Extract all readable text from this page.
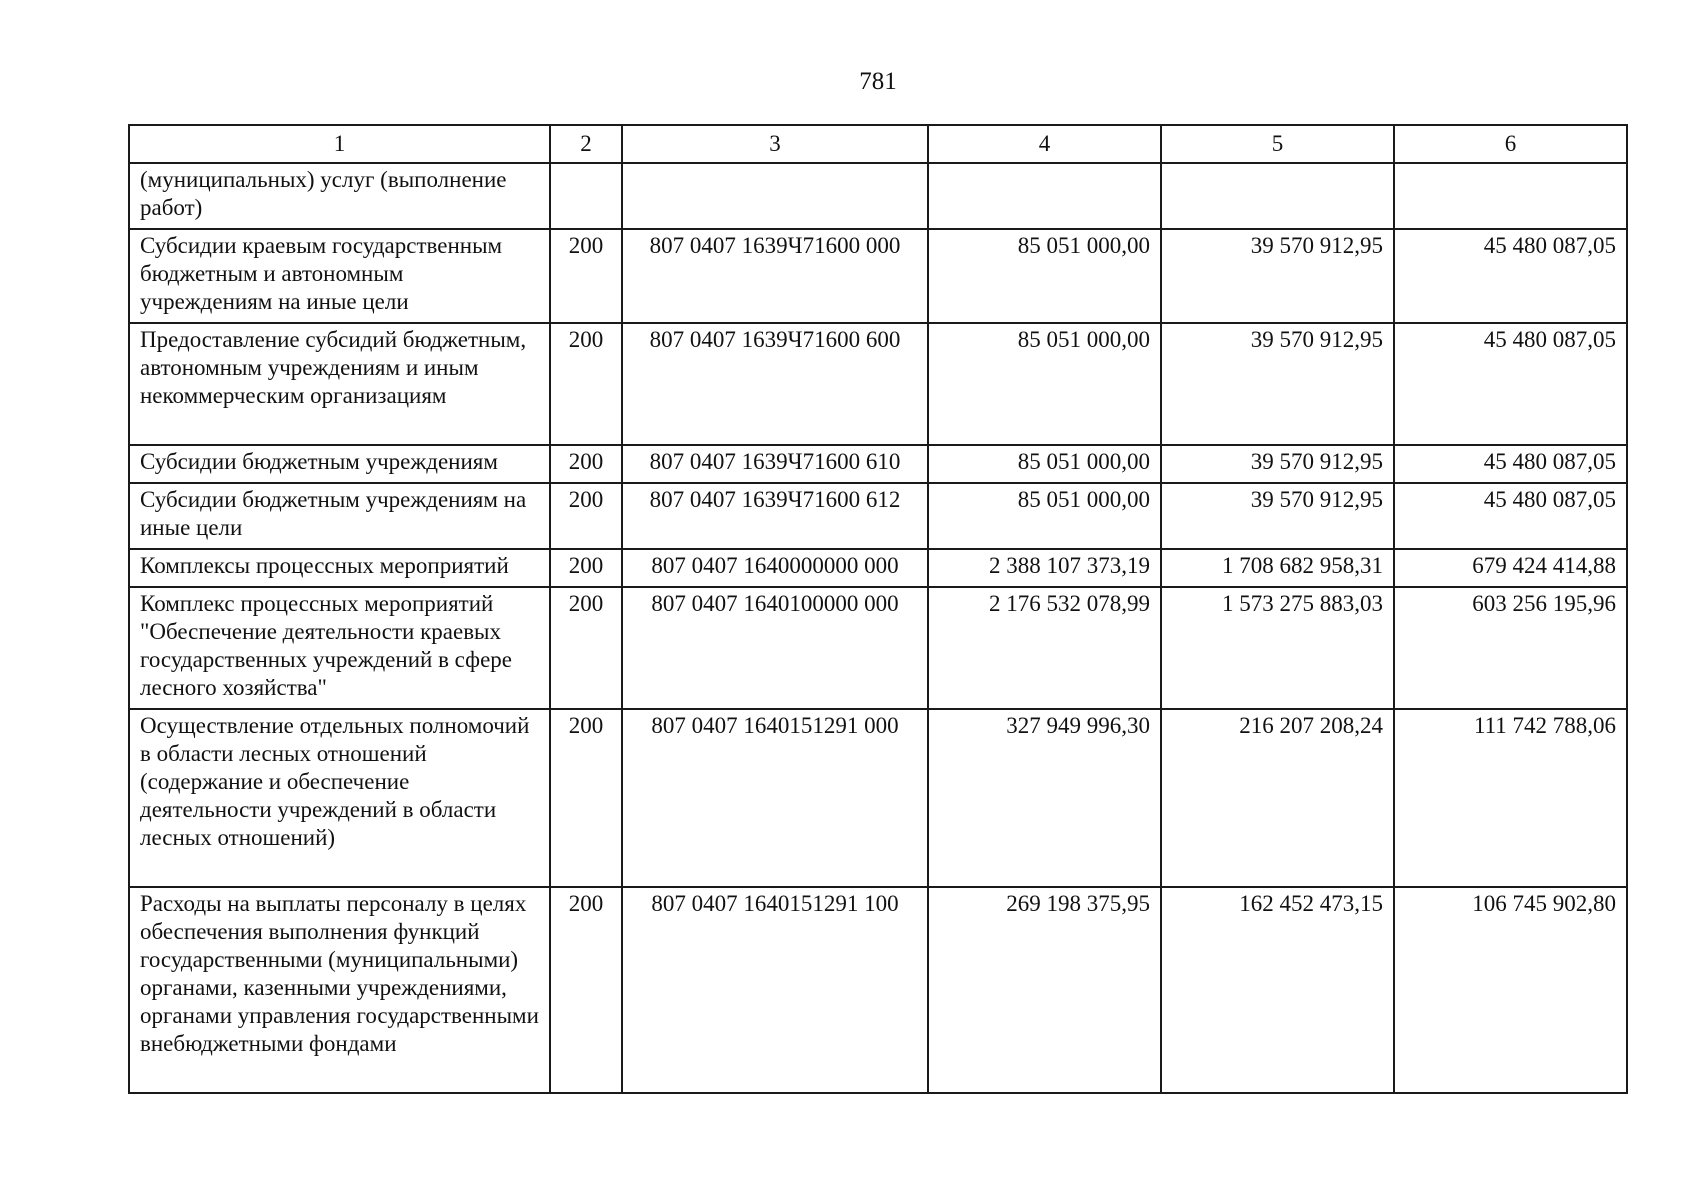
781
1	2	3	4	5	6
(муниципальных) услуг (выполнение работ)					
Субсидии краевым государственным бюджетным и автономным учреждениям на иные цели	200	807 0407 1639Ч71600 000	85 051 000,00	39 570 912,95	45 480 087,05
Предоставление субсидий бюджетным, автономным учреждениям и иным некоммерческим организациям	200	807 0407 1639Ч71600 600	85 051 000,00	39 570 912,95	45 480 087,05
Субсидии бюджетным учреждениям	200	807 0407 1639Ч71600 610	85 051 000,00	39 570 912,95	45 480 087,05
Субсидии бюджетным учреждениям на иные цели	200	807 0407 1639Ч71600 612	85 051 000,00	39 570 912,95	45 480 087,05
Комплексы процессных мероприятий	200	807 0407 1640000000 000	2 388 107 373,19	1 708 682 958,31	679 424 414,88
Комплекс процессных мероприятий "Обеспечение деятельности краевых государственных учреждений в сфере лесного хозяйства"	200	807 0407 1640100000 000	2 176 532 078,99	1 573 275 883,03	603 256 195,96
Осуществление отдельных полномочий в области лесных отношений (содержание и обеспечение деятельности учреждений в области лесных отношений)	200	807 0407 1640151291 000	327 949 996,30	216 207 208,24	111 742 788,06
Расходы на выплаты персоналу в целях обеспечения выполнения функций государственными (муниципальными) органами, казенными учреждениями, органами управления государственными внебюджетными фондами	200	807 0407 1640151291 100	269 198 375,95	162 452 473,15	106 745 902,80
